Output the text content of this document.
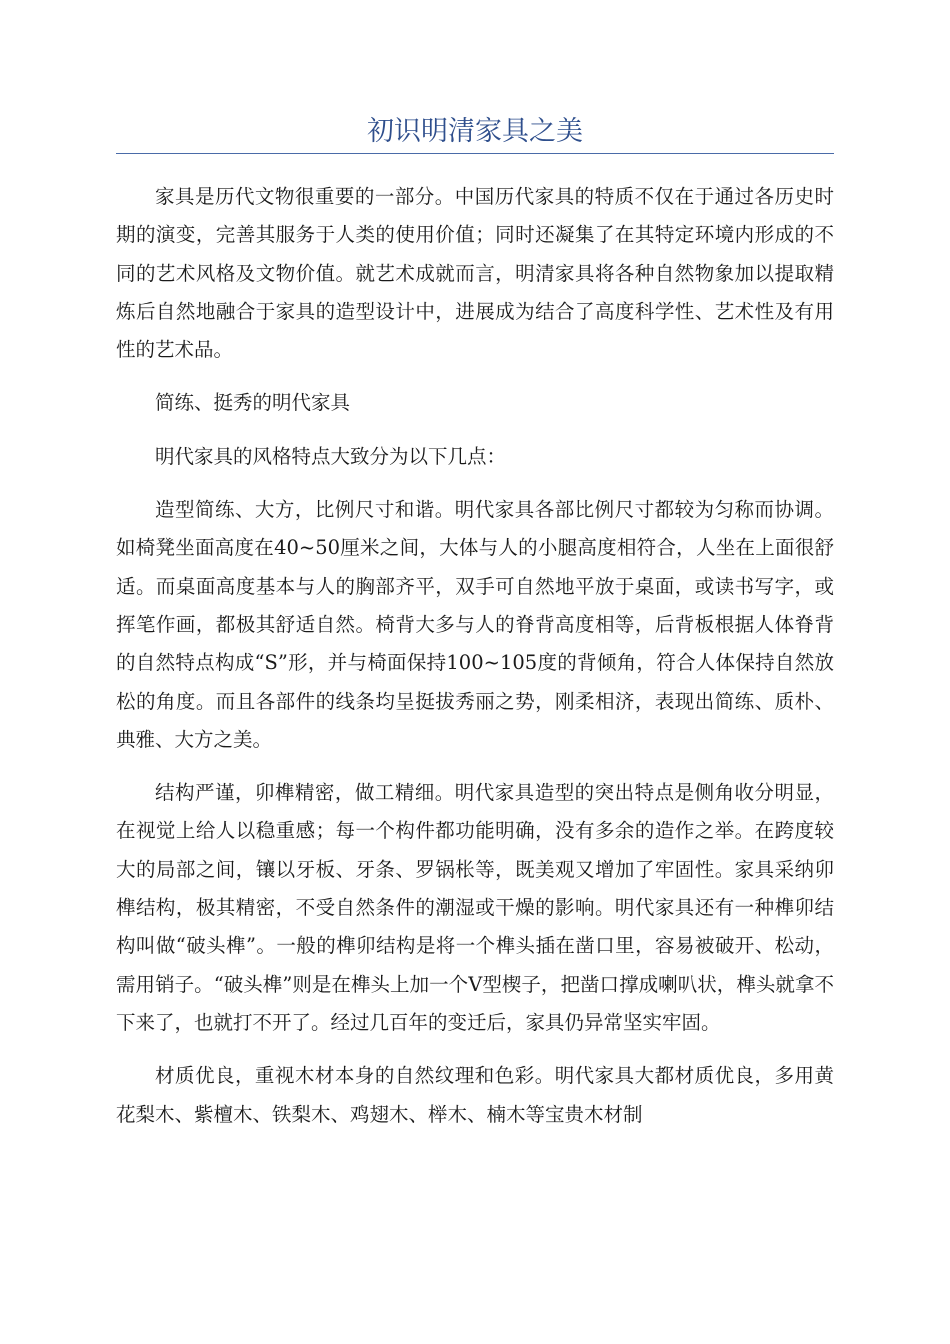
初识明清家具之美

家具是历代文物很重要的一部分。中国历代家具的特质不仅在于通过各历史时期的演变，完善其服务于人类的使用价值；同时还凝集了在其特定环境内形成的不同的艺术风格及文物价值。就艺术成就而言，明清家具将各种自然物象加以提取精炼后自然地融合于家具的造型设计中，进展成为结合了高度科学性、艺术性及有用性的艺术品。

简练、挺秀的明代家具

明代家具的风格特点大致分为以下几点：

造型简练、大方，比例尺寸和谐。明代家具各部比例尺寸都较为匀称而协调。如椅凳坐面高度在40~50厘米之间，大体与人的小腿高度相符合，人坐在上面很舒适。而桌面高度基本与人的胸部齐平，双手可自然地平放于桌面，或读书写字，或挥笔作画，都极其舒适自然。椅背大多与人的脊背高度相等，后背板根据人体脊背的自然特点构成“S”形，并与椅面保持100~105度的背倾角，符合人体保持自然放松的角度。而且各部件的线条均呈挺拔秀丽之势，刚柔相济，表现出简练、质朴、典雅、大方之美。

结构严谨，卯榫精密，做工精细。明代家具造型的突出特点是侧角收分明显，在视觉上给人以稳重感；每一个构件都功能明确，没有多余的造作之举。在跨度较大的局部之间，镶以牙板、牙条、罗锅枨等，既美观又增加了牢固性。家具采纳卯榫结构，极其精密，不受自然条件的潮湿或干燥的影响。明代家具还有一种榫卯结构叫做“破头榫”。一般的榫卯结构是将一个榫头插在凿口里，容易被破开、松动，需用销子。“破头榫”则是在榫头上加一个V型楔子，把凿口撑成喇叭状，榫头就拿不下来了，也就打不开了。经过几百年的变迁后，家具仍异常坚实牢固。

材质优良，重视木材本身的自然纹理和色彩。明代家具大都材质优良，多用黄花梨木、紫檀木、铁梨木、鸡翅木、榉木、楠木等宝贵木材制
